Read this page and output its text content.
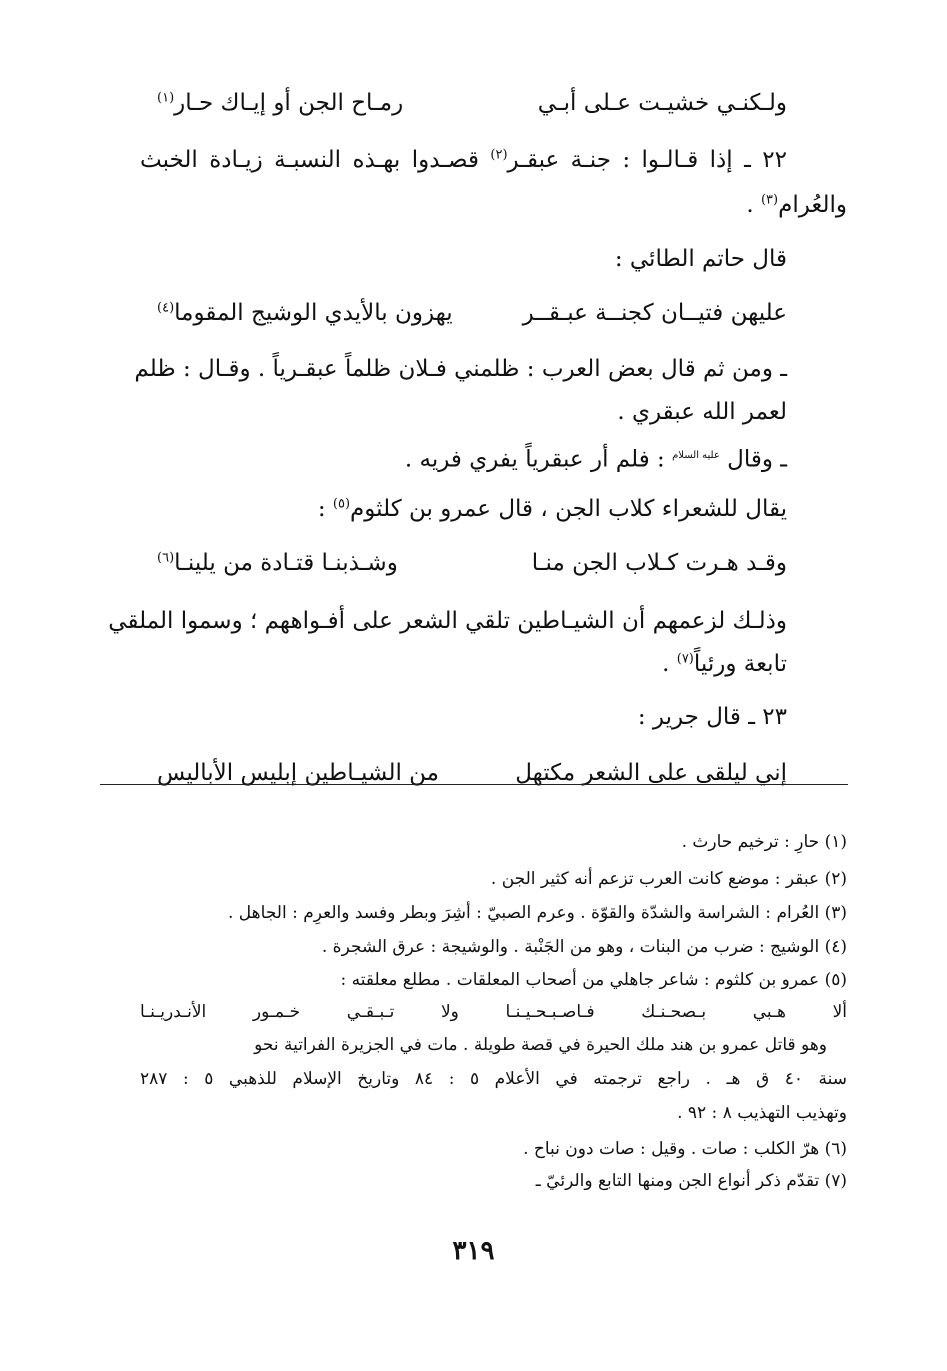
ولـكنـي خشيـت عـلى أبـي
رمـاح الجن أو إيـاك حـار$^{(١)}$
٢٢ ـ إذا قـالـوا : جنـة عبقـر$^{(٢)}$ قصـدوا بهـذه النسبـة زيـادة الخبث
والعُرام$^{(٣)}$ .
قال حاتم الطائي :
عليهن فتيــان كجنــة عبـقــر
يهزون بالأيدي الوشيج المقوما$^{(٤)}$
ـ ومن ثم قال بعض العرب : ظلمني فـلان ظلماً عبقـرياً . وقـال : ظلم
لعمر الله عبقري .
ـ وقال $^{عليه السلام}$ : فلم أر عبقرياً يفري فريه .
يقال للشعراء كلاب الجن ، قال عمرو بن كلثوم$^{(٥)}$ :
وقـد هـرت كـلاب الجن منـا
وشـذبنـا قتـادة من يلينـا$^{(٦)}$
وذلـك لزعمهم أن الشيـاطين تلقي الشعر على أفـواههم ؛ وسموا الملقي
تابعة ورئياً$^{(٧)}$ .
٢٣ ـ قال جرير :
إني ليلقى على الشعر مكتهل
من الشيـاطين إبليس الأباليس
(١) حارِ : ترخيم حارث .
(٢) عبقر : موضع كانت العرب تزعم أنه كثير الجن .
(٣) العُرام : الشراسة والشدّة والقوّة . وعرم الصبيّ : أشِرَ وبطر وفسد والعرِم : الجاهل .
(٤) الوشيج : ضرب من البنات ، وهو من الجَنْبة . والوشيجة : عرق الشجرة .
(٥) عمرو بن كلثوم : شاعر جاهلي من أصحاب المعلقات . مطلع معلقته :
ألا هـبي بـصحـنـك فـاصـبـحـيـنـا ولا تـبـقـي خـمـور الأنـدريـنـا
وهو قاتل عمرو بن هند ملك الحيرة في قصة طويلة . مات في الجزيرة الفراتية نحو
سنة ٤٠ ق هـ . راجع ترجمته في الأعلام ٥ : ٨٤ وتاريخ الإسلام للذهبي ٥ : ٢٨٧
وتهذيب التهذيب ٨ : ٩٢ .
(٦) هرّ الكلب : صات . وقيل : صات دون نباح .
(٧) تقدّم ذكر أنواع الجن ومنها التابع والرئيّ ـ
٣١٩
